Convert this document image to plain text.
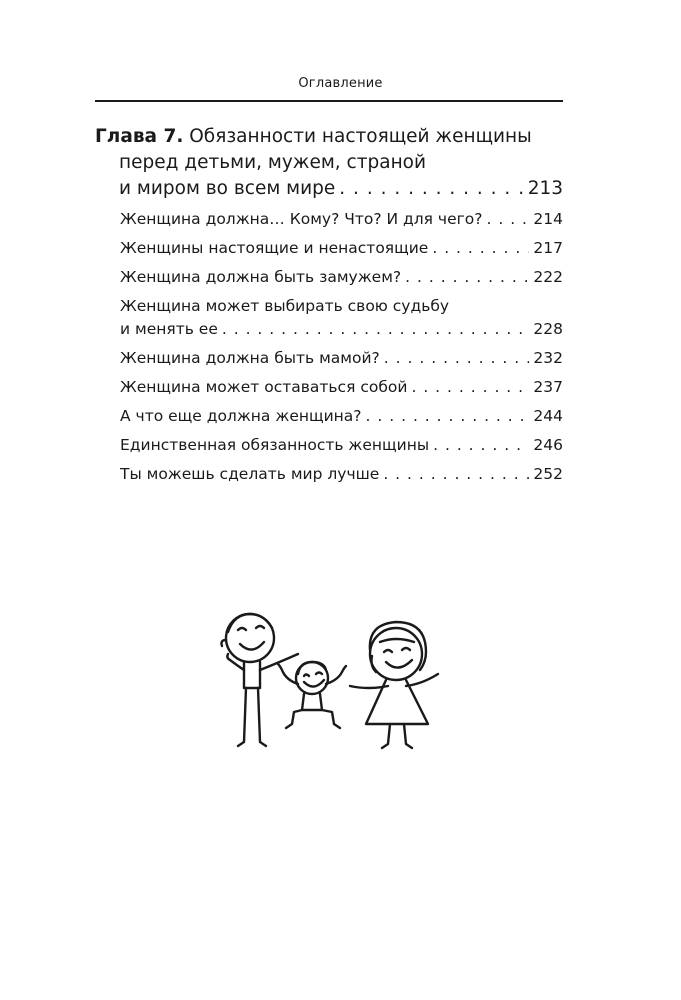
Оглавление
Глава 7. Обязанности настоящей женщины
перед детьми, мужем, страной
и миром во всем мире . . .	213
Женщина должна… Кому? Что? И для чего? . . .	214
Женщины настоящие и ненастоящие . . .	217
Женщина должна быть замужем? . . .	222
Женщина может выбирать свою судьбу
и менять ее . . .	228
Женщина должна быть мамой? . . .	232
Женщина может оставаться собой . . .	237
А что еще должна женщина? . . .	244
Единственная обязанность женщины . . .	246
Ты можешь сделать мир лучше . . .	252
